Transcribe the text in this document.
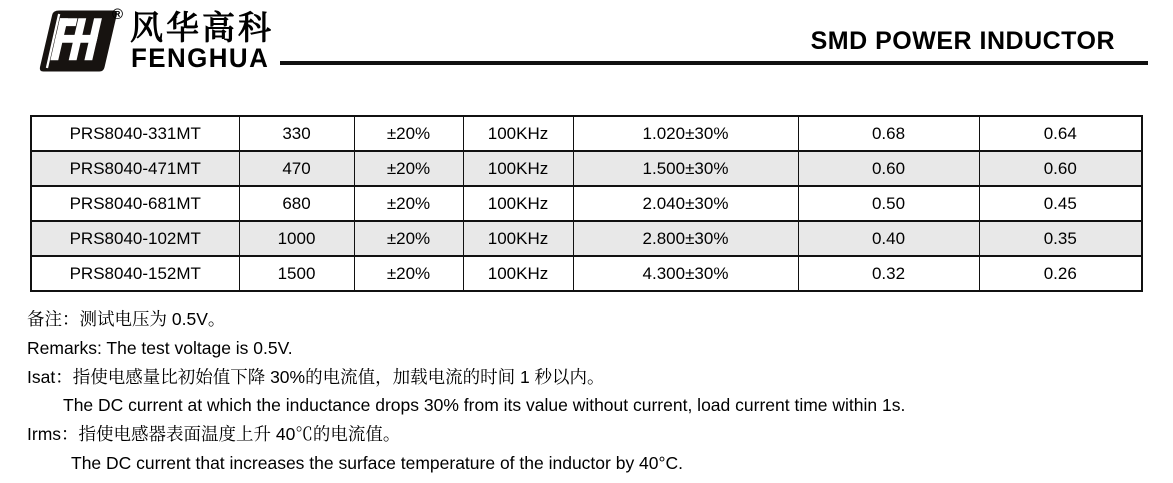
® 风华高科
FENGHUA
SMD POWER INDUCTOR
PRS8040-331MT	330	±20%	100KHz	1.020±30%	0.68	0.64
PRS8040-471MT	470	±20%	100KHz	1.500±30%	0.60	0.60
PRS8040-681MT	680	±20%	100KHz	2.040±30%	0.50	0.45
PRS8040-102MT	1000	±20%	100KHz	2.800±30%	0.40	0.35
PRS8040-152MT	1500	±20%	100KHz	4.300±30%	0.32	0.26
备注：测试电压为 0.5V。
Remarks: The test voltage is 0.5V.
Isat：指使电感量比初始值下降 30%的电流值，加载电流的时间 1 秒以内。
The DC current at which the inductance drops 30% from its value without current, load current time within 1s.
Irms：指使电感器表面温度上升 40℃的电流值。
The DC current that increases the surface temperature of the inductor by 40°C.
